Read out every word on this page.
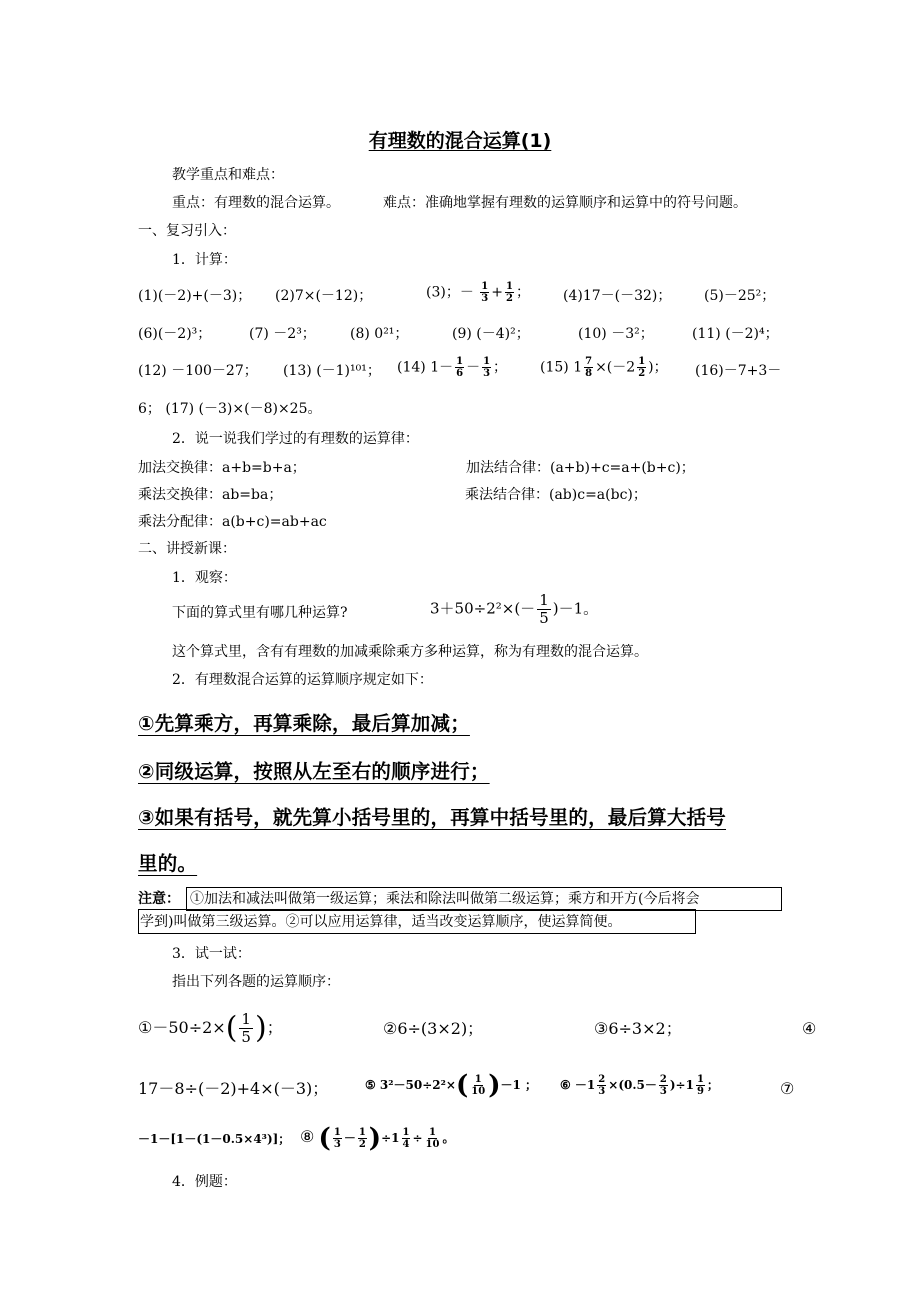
有理数的混合运算(1)
教学重点和难点：
重点：有理数的混合运算。	难点：准确地掌握有理数的运算顺序和运算中的符号问题。
一、复习引入：
1．计算：
(1)(－2)+(－3)； (2)7×(－12)；	(3)；－ $\frac{1}{3} + \frac{1}{2}$ ； (4)17－(－32)； (5)－25²；
(6)(－2)³；	(7) －2³； (8) 0²¹；	(9) (－4)²；	(10) －3²；	(11) (－2)⁴；
(12) －100－27； (13) (－1)¹⁰¹； (14) $1- \frac{1}{6} - \frac{1}{3}$ ； (15) $1 \frac{7}{8} \times(-2 \frac{1}{2}$ )； (16)－7+3－
6； (17) (－3)×(－8)×25。
2．说一说我们学过的有理数的运算律：
加法交换律：a+b=b+a；	加法结合律：(a+b)+c=a+(b+c)；
乘法交换律：ab=ba；	乘法结合律：(ab)c=a(bc)；
乘法分配律：a(b+c)=ab+ac
二、讲授新课：
1．观察：
下面的算式里有哪几种运算?	$3+50\div 2^2\times(- \frac{1}{5} )-1$。
这个算式里，含有有理数的加减乘除乘方多种运算，称为有理数的混合运算。
2．有理数混合运算的运算顺序规定如下：
①先算乘方，再算乘除，最后算加减；
②同级运算，按照从左至右的顺序进行；
③如果有括号，就先算小括号里的，再算中括号里的，最后算大括号
里的。
注意： ①加法和减法叫做第一级运算；乘法和除法叫做第二级运算；乘方和开方(今后将会
学到)叫做第三级运算。②可以应用运算律，适当改变运算顺序，使运算简便。
3．试一试：
指出下列各题的运算顺序：
①－50÷2×( $\frac{1}{5}$ )；	②6÷(3×2)；	③6÷3×2；	④
17－8÷(－2)+4×(－3)；	⑤ $3^2-50\div 2^2\times( \frac{1}{10} )-1$ ； ⑥ $-1 \frac{2}{3} \times(0.5- \frac{2}{3} )\div 1 \frac{1}{9}$ ；	⑦
－1－[1－(1－0.5×4³)]； ⑧ ( $\frac{1}{3} - \frac{1}{2} )\div 1 \frac{1}{4} \div \frac{1}{10}$ 。
4．例题：
